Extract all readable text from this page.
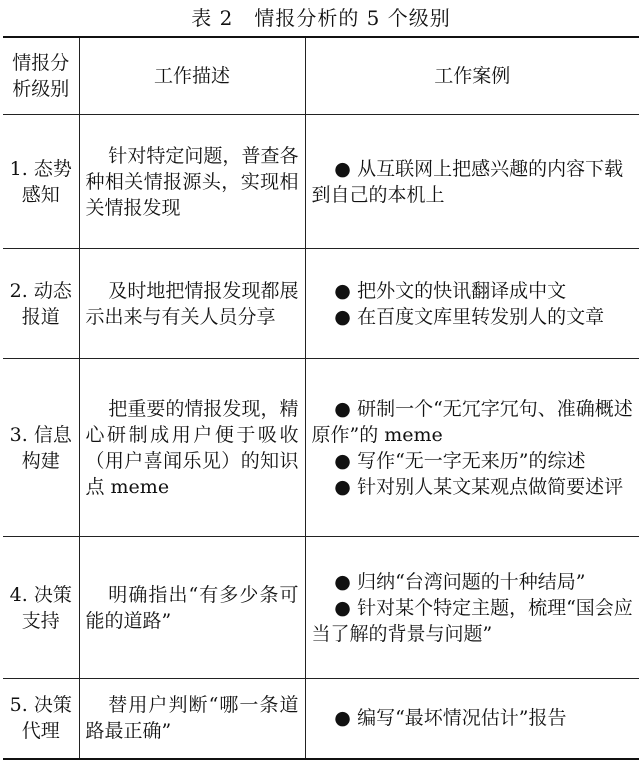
表 2　情报分析的 5 个级别
情报分析级别	工作描述	工作案例
1. 态势感知	针对特定问题，普查各种相关情报源头，实现相关情报发现	● 从互联网上把感兴趣的内容下载到自己的本机上

2. 动态报道	及时地把情报发现都展示出来与有关人员分享	● 把外文的快讯翻译成中文
● 在百度文库里转发别人的文章

3. 信息构建	把重要的情报发现，精心研制成用户便于吸收（用户喜闻乐见）的知识点 meme	● 研制一个“无冗字冗句、准确概述原作”的 meme
● 写作“无一字无来历”的综述
● 针对别人某文某观点做简要述评

4. 决策支持	明确指出“有多少条可能的道路”	● 归纳“台湾问题的十种结局”
● 针对某个特定主题，梳理“国会应当了解的背景与问题”

5. 决策代理	替用户判断“哪一条道路最正确”	● 编写“最坏情况估计”报告
